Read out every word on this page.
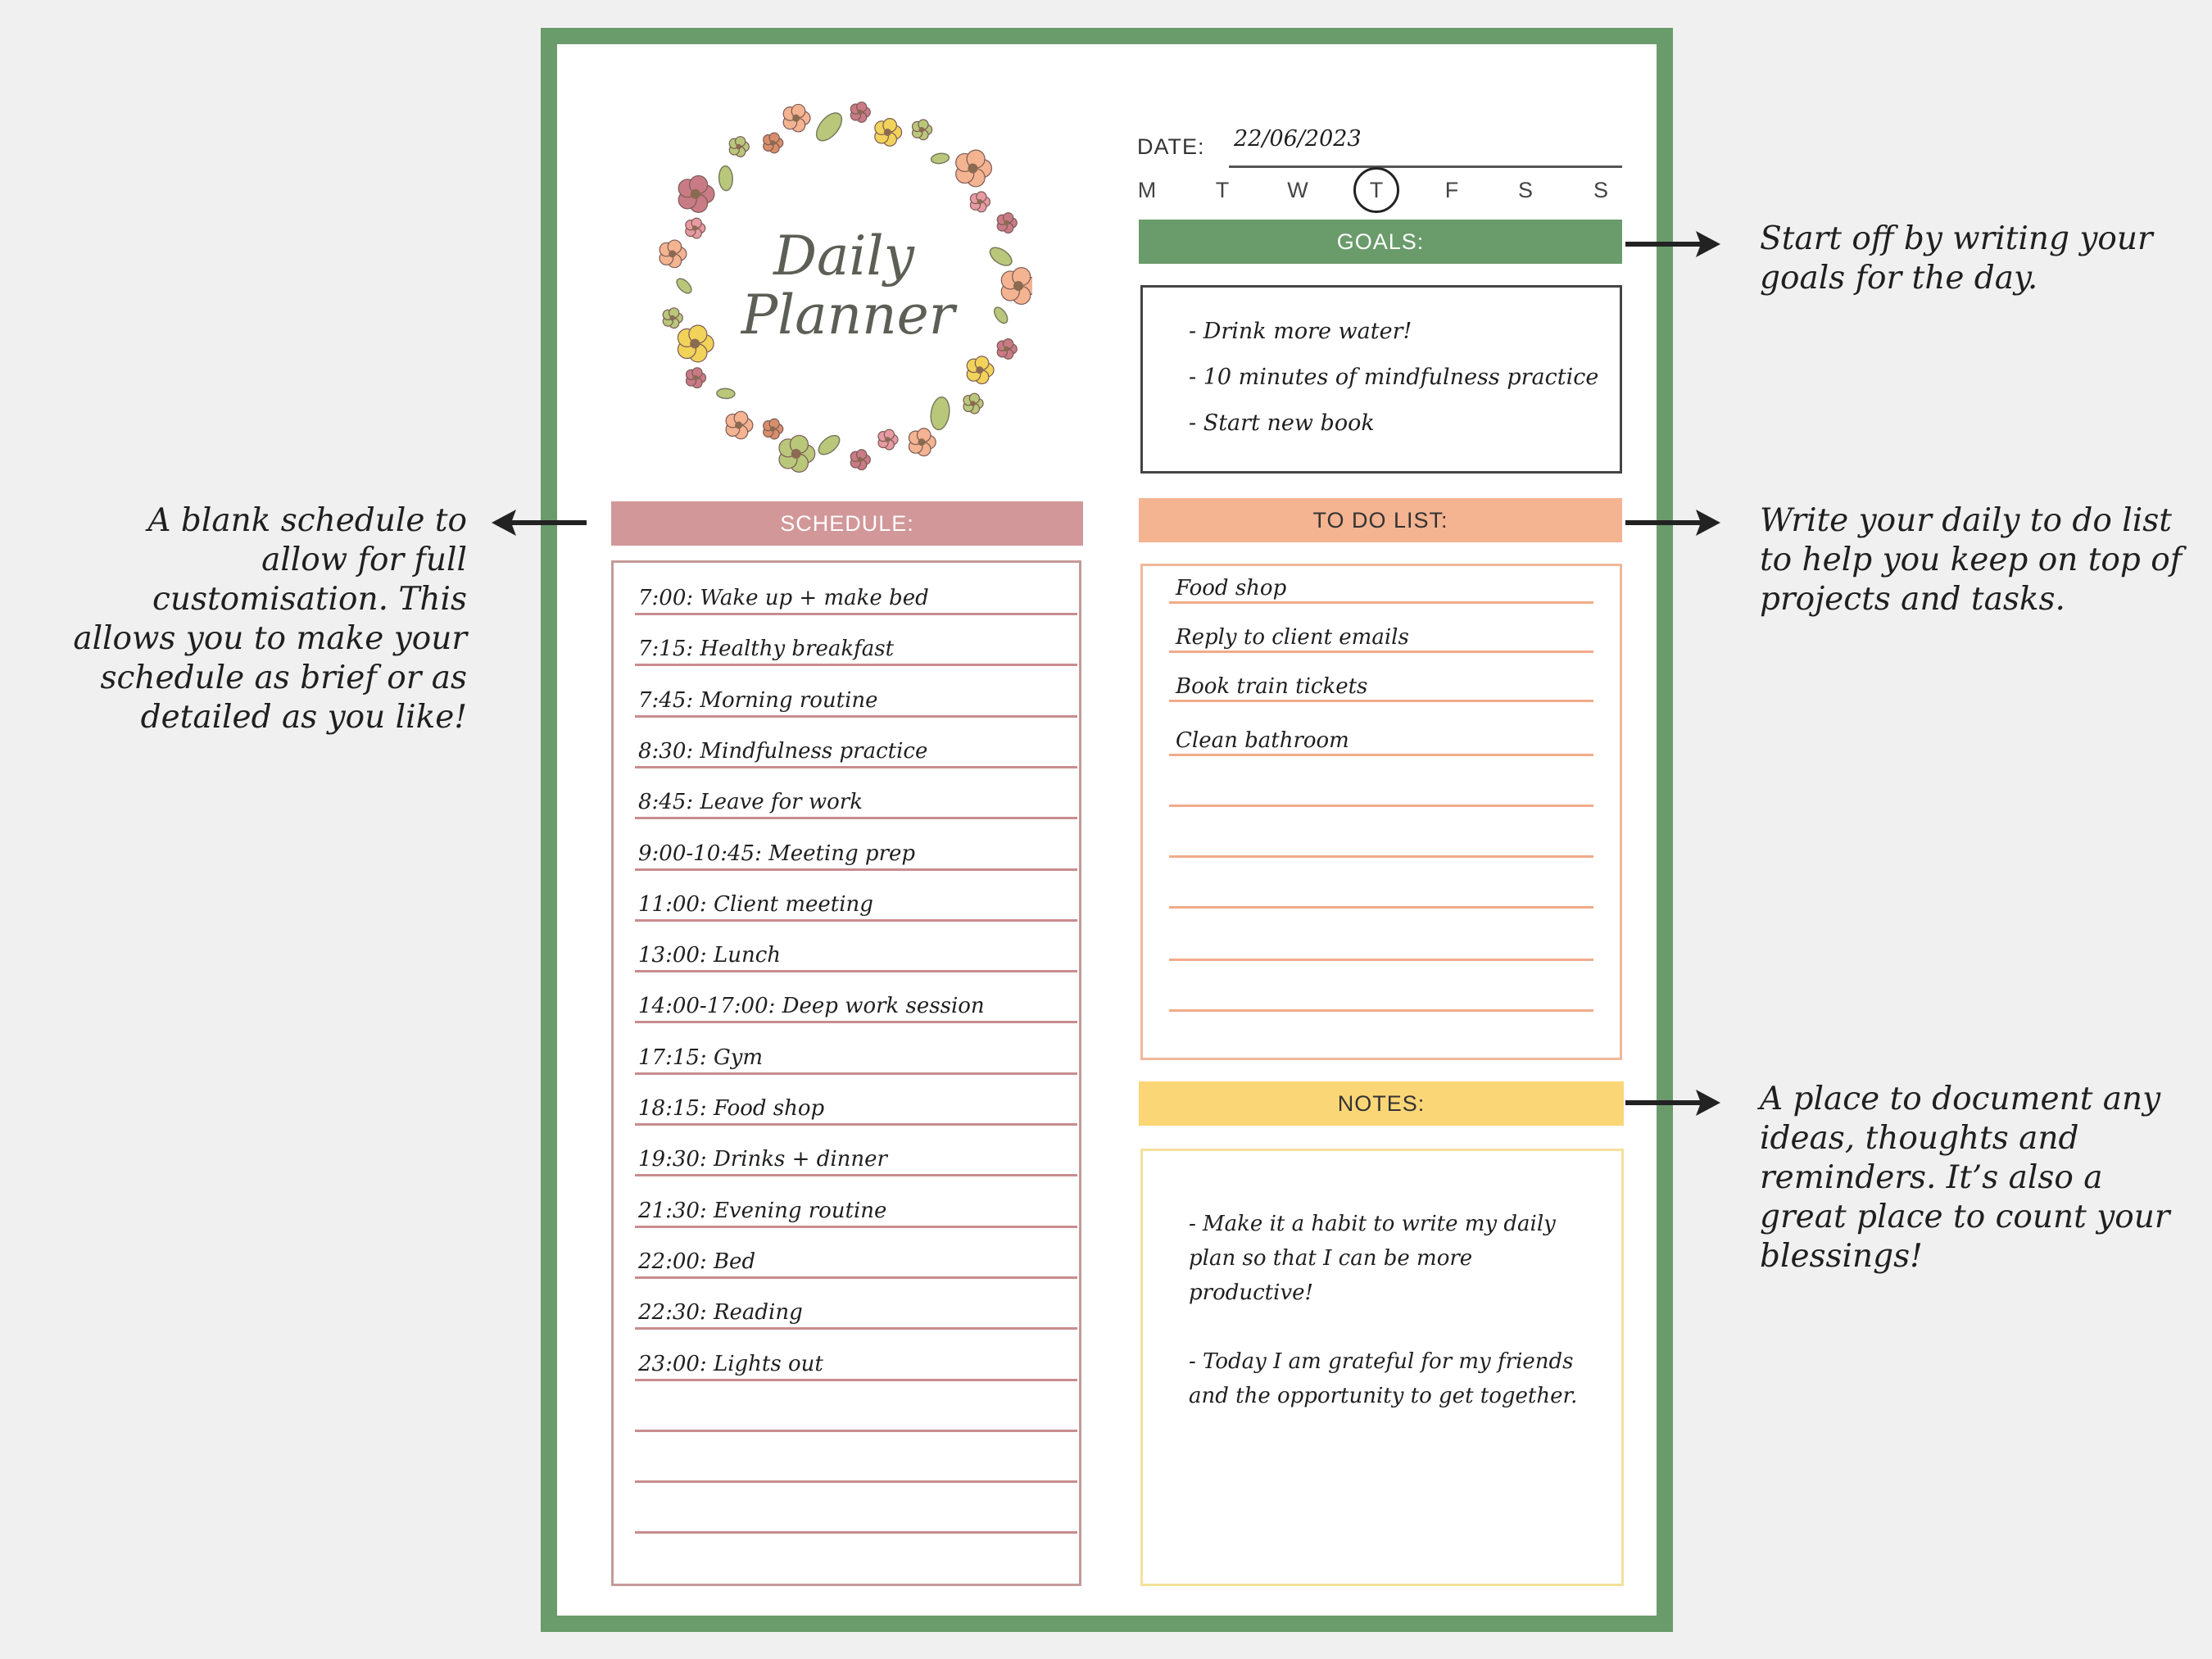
Daily
Planner
DATE: 22/06/2023
M	T	W	T	F	S	S
GOALS:
- Drink more water!
- 10 minutes of mindfulness practice
- Start new book
SCHEDULE:
7:00: Wake up + make bed
7:15: Healthy breakfast
7:45: Morning routine
8:30: Mindfulness practice
8:45: Leave for work
9:00-10:45: Meeting prep
11:00: Client meeting
13:00: Lunch
14:00-17:00: Deep work session
17:15: Gym
18:15: Food shop
19:30: Drinks + dinner
21:30: Evening routine
22:00: Bed
22:30: Reading
23:00: Lights out
TO DO LIST:
Food shop
Reply to client emails
Book train tickets
Clean bathroom
NOTES:
- Make it a habit to write my daily plan so that I can be more productive!
- Today I am grateful for my friends and the opportunity to get together.
Start off by writing your goals for the day.
Write your daily to do list to help you keep on top of projects and tasks.
A place to document any ideas, thoughts and reminders. It’s also a great place to count your blessings!
A blank schedule to allow for full customisation. This allows you to make your schedule as brief or as detailed as you like!
